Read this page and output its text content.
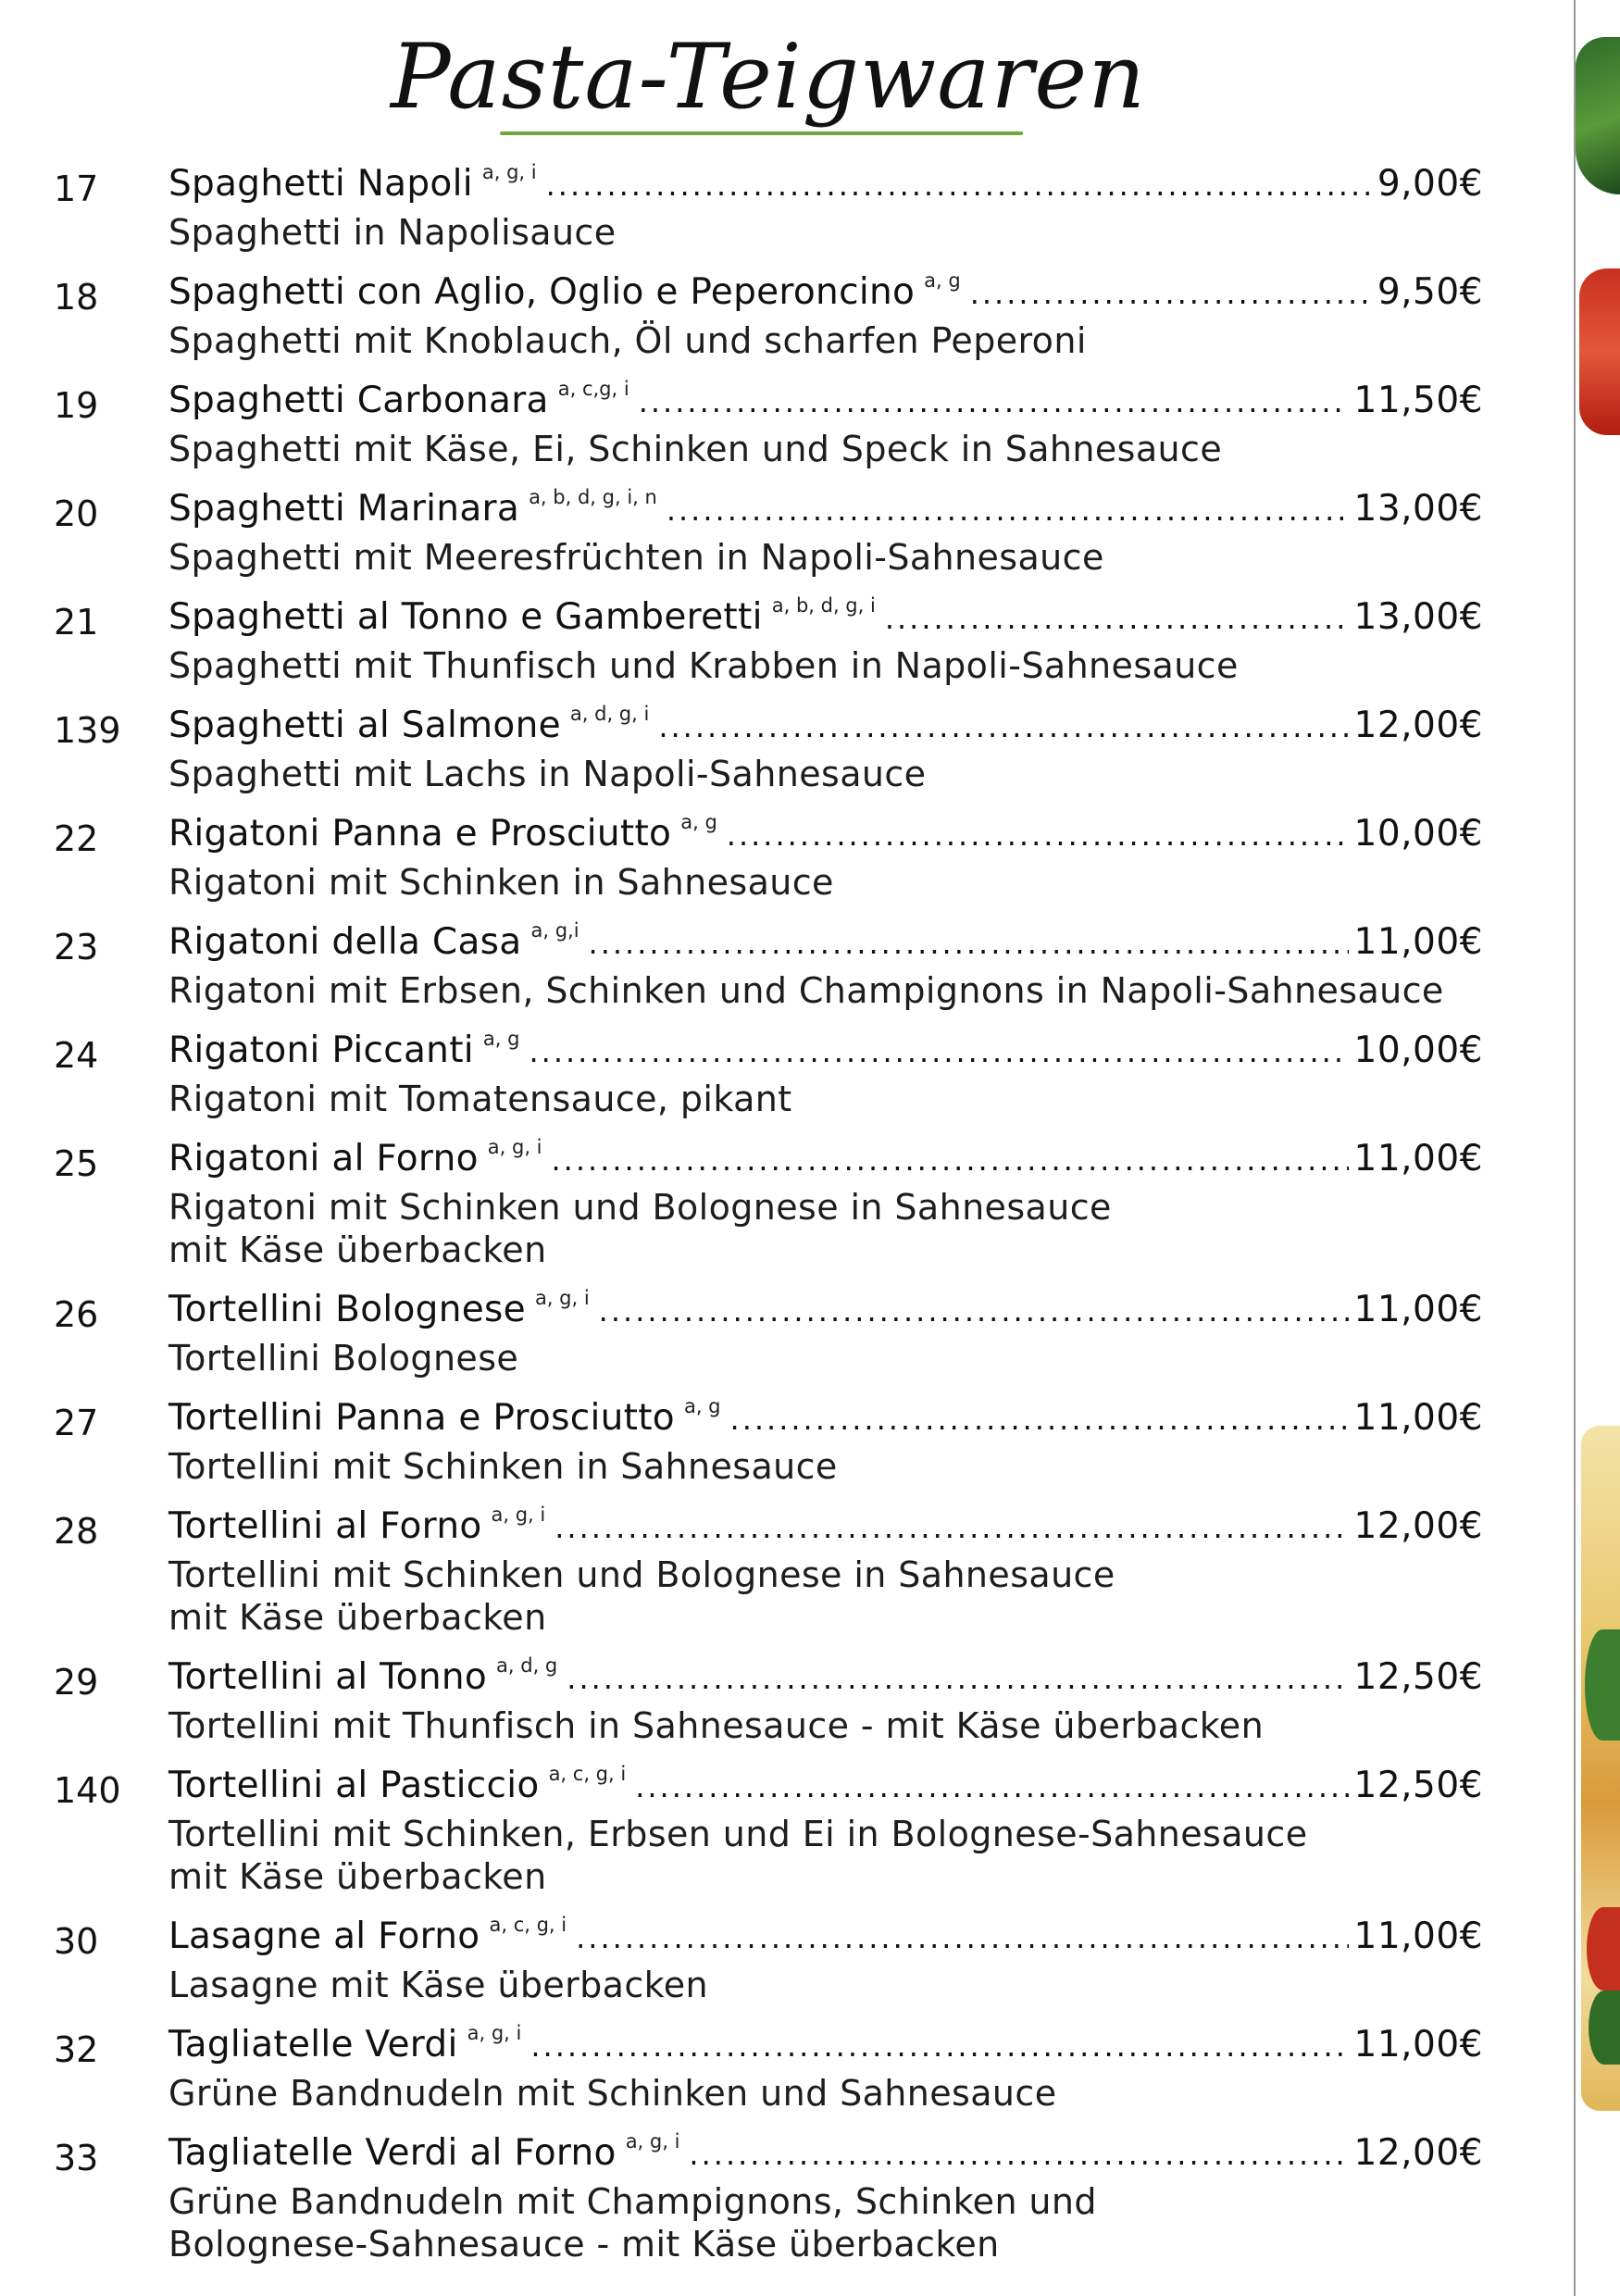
Pasta-Teigwaren
17	Spaghetti Napoli a, g, i .....	9,00€
Spaghetti in Napolisauce
18	Spaghetti con Aglio, Oglio e Peperoncino a, g .....	9,50€
Spaghetti mit Knoblauch, Öl und scharfen Peperoni
19	Spaghetti Carbonara a, c,g, i .....	11,50€
Spaghetti mit Käse, Ei, Schinken und Speck in Sahnesauce
20	Spaghetti Marinara a, b, d, g, i, n .....	13,00€
Spaghetti mit Meeresfrüchten in Napoli-Sahnesauce
21	Spaghetti al Tonno e Gamberetti a, b, d, g, i .....	13,00€
Spaghetti mit Thunfisch und Krabben in Napoli-Sahnesauce
139	Spaghetti al Salmone a, d, g, i .....	12,00€
Spaghetti mit Lachs in Napoli-Sahnesauce
22	Rigatoni Panna e Prosciutto a, g .....	10,00€
Rigatoni mit Schinken in Sahnesauce
23	Rigatoni della Casa a, g,i .....	11,00€
Rigatoni mit Erbsen, Schinken und Champignons in Napoli-Sahnesauce
24	Rigatoni Piccanti a, g .....	10,00€
Rigatoni mit Tomatensauce, pikant
25	Rigatoni al Forno a, g, i .....	11,00€
Rigatoni mit Schinken und Bolognese in Sahnesauce
mit Käse überbacken
26	Tortellini Bolognese a, g, i .....	11,00€
Tortellini Bolognese
27	Tortellini Panna e Prosciutto a, g .....	11,00€
Tortellini mit Schinken in Sahnesauce
28	Tortellini al Forno a, g, i .....	12,00€
Tortellini mit Schinken und Bolognese in Sahnesauce
mit Käse überbacken
29	Tortellini al Tonno a, d, g .....	12,50€
Tortellini mit Thunfisch in Sahnesauce - mit Käse überbacken
140	Tortellini al Pasticcio a, c, g, i .....	12,50€
Tortellini mit Schinken, Erbsen und Ei in Bolognese-Sahnesauce
mit Käse überbacken
30	Lasagne al Forno a, c, g, i .....	11,00€
Lasagne mit Käse überbacken
32	Tagliatelle Verdi a, g, i .....	11,00€
Grüne Bandnudeln mit Schinken und Sahnesauce
33	Tagliatelle Verdi al Forno a, g, i .....	12,00€
Grüne Bandnudeln mit Champignons, Schinken und
Bolognese-Sahnesauce - mit Käse überbacken
